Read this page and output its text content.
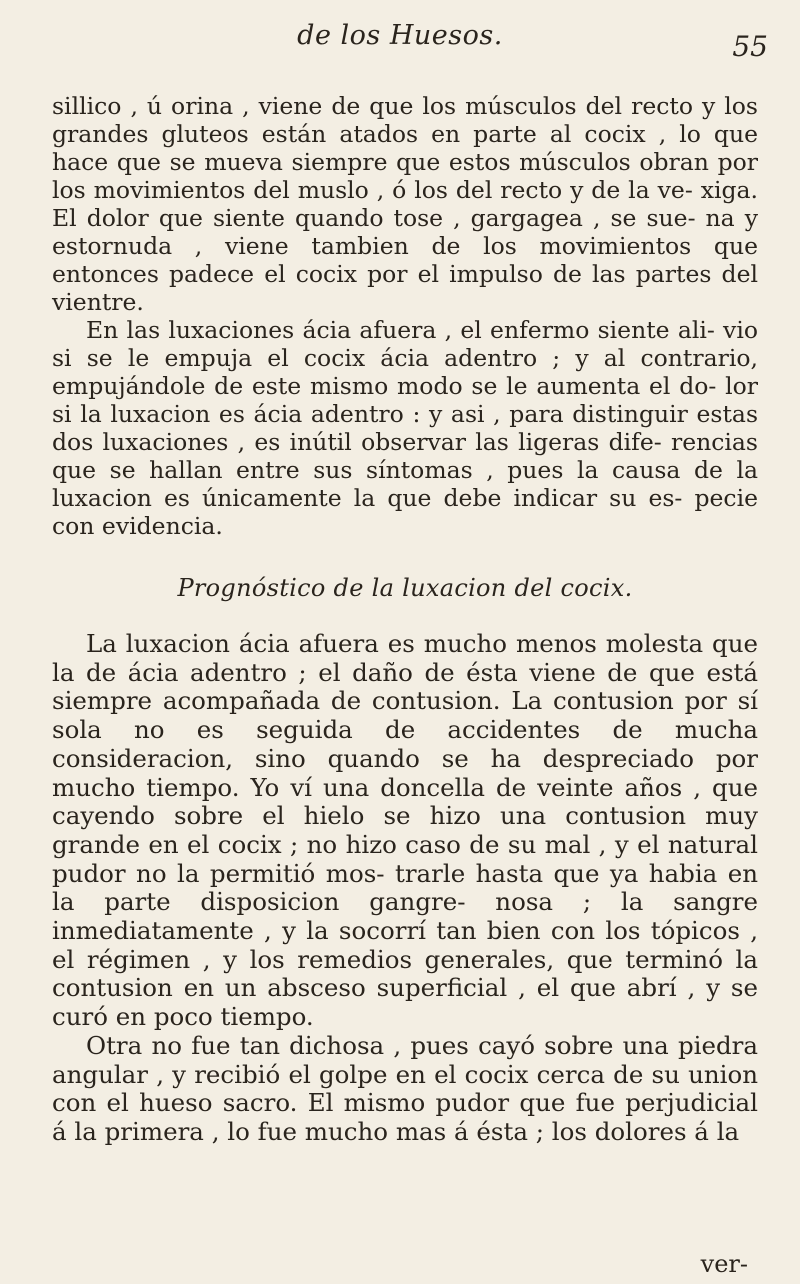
de los Huesos.	55

sillico , ú orina , viene de que los músculos del recto y los grandes gluteos están atados en parte al cocix , lo que hace que se mueva siempre que estos músculos obran por los movimientos del muslo , ó los del recto y de la ve- xiga. El dolor que siente quando tose , gargagea , se sue- na y estornuda , viene tambien de los movimientos que entonces padece el cocix por el impulso de las partes del vientre.

En las luxaciones ácia afuera , el enfermo siente ali- vio si se le empuja el cocix ácia adentro ; y al contrario, empujándole de este mismo modo se le aumenta el do- lor si la luxacion es ácia adentro : y asi , para distinguir estas dos luxaciones , es inútil observar las ligeras dife- rencias que se hallan entre sus síntomas , pues la causa de la luxacion es únicamente la que debe indicar su es- pecie con evidencia.

Prognóstico de la luxacion del cocix.

La luxacion ácia afuera es mucho menos molesta que la de ácia adentro ; el daño de ésta viene de que está siempre acompañada de contusion. La contusion por sí sola no es seguida de accidentes de mucha consideracion, sino quando se ha despreciado por mucho tiempo. Yo ví una doncella de veinte años , que cayendo sobre el hielo se hizo una contusion muy grande en el cocix ; no hizo caso de su mal , y el natural pudor no la permitió mos- trarle hasta que ya habia en la parte disposicion gangre- nosa ; la sangre inmediatamente , y la socorrí tan bien con los tópicos , el régimen , y los remedios generales, que terminó la contusion en un absceso superficial , el que abrí , y se curó en poco tiempo.

Otra no fue tan dichosa , pues cayó sobre una piedra angular , y recibió el golpe en el cocix cerca de su union con el hueso sacro. El mismo pudor que fue perjudicial á la primera , lo fue mucho mas á ésta ; los dolores á la

ver-
